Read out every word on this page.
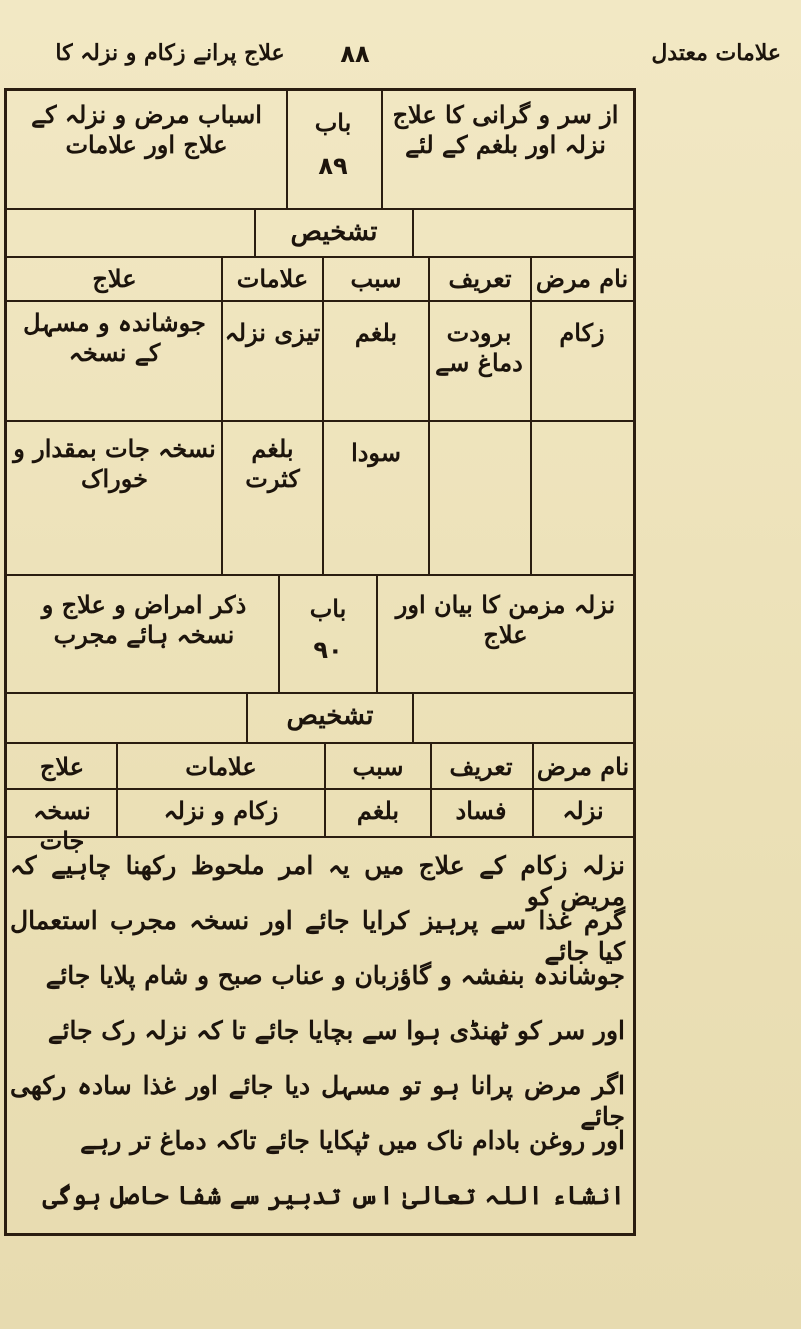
علامات معتدل
۸۸
علاج پرانے زکام و نزلہ کا
از سر و گرانی کا علاج نزلہ اور بلغم کے لئے
باب
۸۹
اسباب مرض و نزلہ کے علاج اور علامات
تشخیص
نام مرض
تعریف
سبب
علامات
علاج
زکام
برودت دماغ سے
بلغم
تیزی نزلہ
جوشاندہ و مسہل کے نسخہ
سودا
بلغم کثرت
نسخہ جات بمقدار و خوراک
نزلہ مزمن کا بیان اور علاج
باب
۹۰
ذکر امراض و علاج و نسخہ ہائے مجرب
تشخیص
نام مرض
تعریف
سبب
علامات
علاج
نزلہ
فساد
بلغم
زکام و نزلہ
نسخہ جات
نزلہ زکام کے علاج میں یہ امر ملحوظ رکھنا چاہیے کہ مریض کو
گرم غذا سے پرہیز کرایا جائے اور نسخہ مجرب استعمال کیا جائے
جوشاندہ بنفشہ و گاؤزبان و عناب صبح و شام پلایا جائے
اور سر کو ٹھنڈی ہوا سے بچایا جائے تا کہ نزلہ رک جائے
اگر مرض پرانا ہو تو مسہل دیا جائے اور غذا سادہ رکھی جائے
اور روغن بادام ناک میں ٹپکایا جائے تاکہ دماغ تر رہے
انشاء اللہ تعالیٰ اس تدبیر سے شفا حاصل ہوگی
